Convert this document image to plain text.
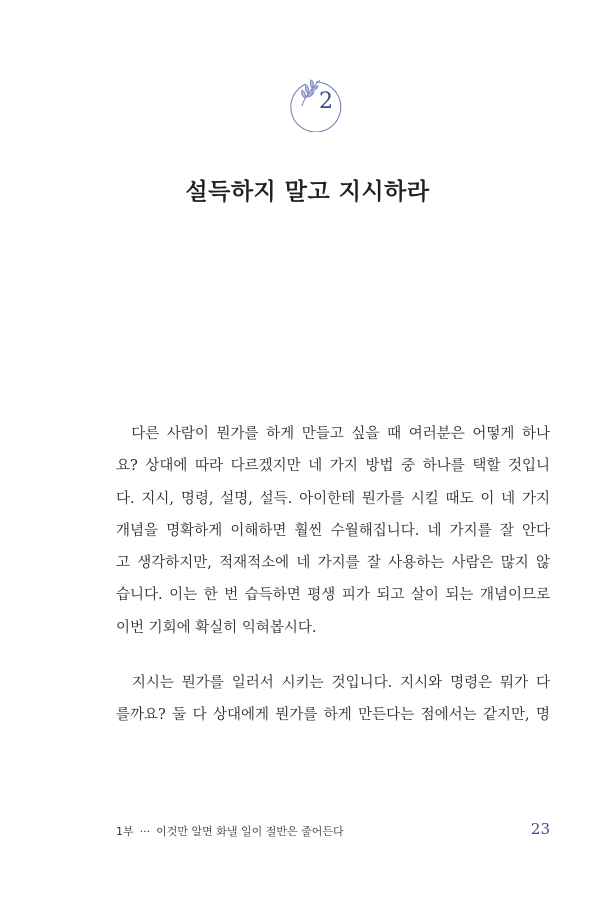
2
설득하지 말고 지시하라
다른 사람이 뭔가를 하게 만들고 싶을 때 여러분은 어떻게 하나
요? 상대에 따라 다르겠지만 네 가지 방법 중 하나를 택할 것입니
다. 지시, 명령, 설명, 설득. 아이한테 뭔가를 시킬 때도 이 네 가지
개념을 명확하게 이해하면 훨씬 수월해집니다. 네 가지를 잘 안다
고 생각하지만, 적재적소에 네 가지를 잘 사용하는 사람은 많지 않
습니다. 이는 한 번 습득하면 평생 피가 되고 살이 되는 개념이므로
이번 기회에 확실히 익혀봅시다.
지시는 뭔가를 일러서 시키는 것입니다. 지시와 명령은 뭐가 다
를까요? 둘 다 상대에게 뭔가를 하게 만든다는 점에서는 같지만, 명
1부 ··· 이것만 알면 화낼 일이 절반은 줄어든다	23
